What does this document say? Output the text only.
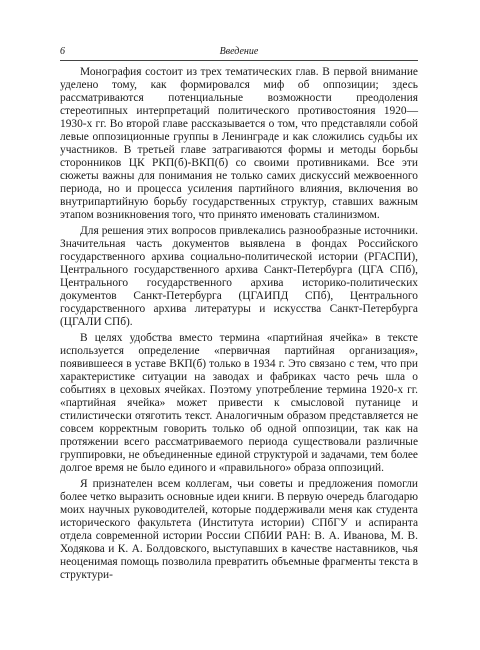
6	Введение

Монография состоит из трех тематических глав. В первой внимание уделено тому, как формировался миф об оппозиции; здесь рассматриваются потенциальные возможности преодоления стереотипных интерпретаций политического противостояния 1920—1930-х гг. Во второй главе рассказывается о том, что представляли собой левые оппозиционные группы в Ленинграде и как сложились судьбы их участников. В третьей главе затрагиваются формы и методы борьбы сторонников ЦК РКП(б)-ВКП(б) со своими противниками. Все эти сюжеты важны для понимания не только самих дискуссий межвоенного периода, но и процесса усиления партийного влияния, включения во внутрипартийную борьбу государственных структур, ставших важным этапом возникновения того, что принято именовать сталинизмом.

Для решения этих вопросов привлекались разнообразные источники. Значительная часть документов выявлена в фондах Российского государственного архива социально-политической истории (РГАСПИ), Центрального государственного архива Санкт-Петербурга (ЦГА СПб), Центрального государственного архива историко-политических документов Санкт-Петербурга (ЦГАИПД СПб), Центрального государственного архива литературы и искусства Санкт-Петербурга (ЦГАЛИ СПб).

В целях удобства вместо термина «партийная ячейка» в тексте используется определение «первичная партийная организация», появившееся в уставе ВКП(б) только в 1934 г. Это связано с тем, что при характеристике ситуации на заводах и фабриках часто речь шла о событиях в цеховых ячейках. Поэтому употребление термина 1920-х гг. «партийная ячейка» может привести к смысловой путанице и стилистически отяготить текст. Аналогичным образом представляется не совсем корректным говорить только об одной оппозиции, так как на протяжении всего рассматриваемого периода существовали различные группировки, не объединенные единой структурой и задачами, тем более долгое время не было единого и «правильного» образа оппозиций.

Я признателен всем коллегам, чьи советы и предложения помогли более четко выразить основные идеи книги. В первую очередь благодарю моих научных руководителей, которые поддерживали меня как студента исторического факультета (Института истории) СПбГУ и аспиранта отдела современной истории России СПбИИ РАН: В. А. Иванова, М. В. Ходякова и К. А. Болдовского, выступавших в качестве наставников, чья неоценимая помощь позволила превратить объемные фрагменты текста в структури-
